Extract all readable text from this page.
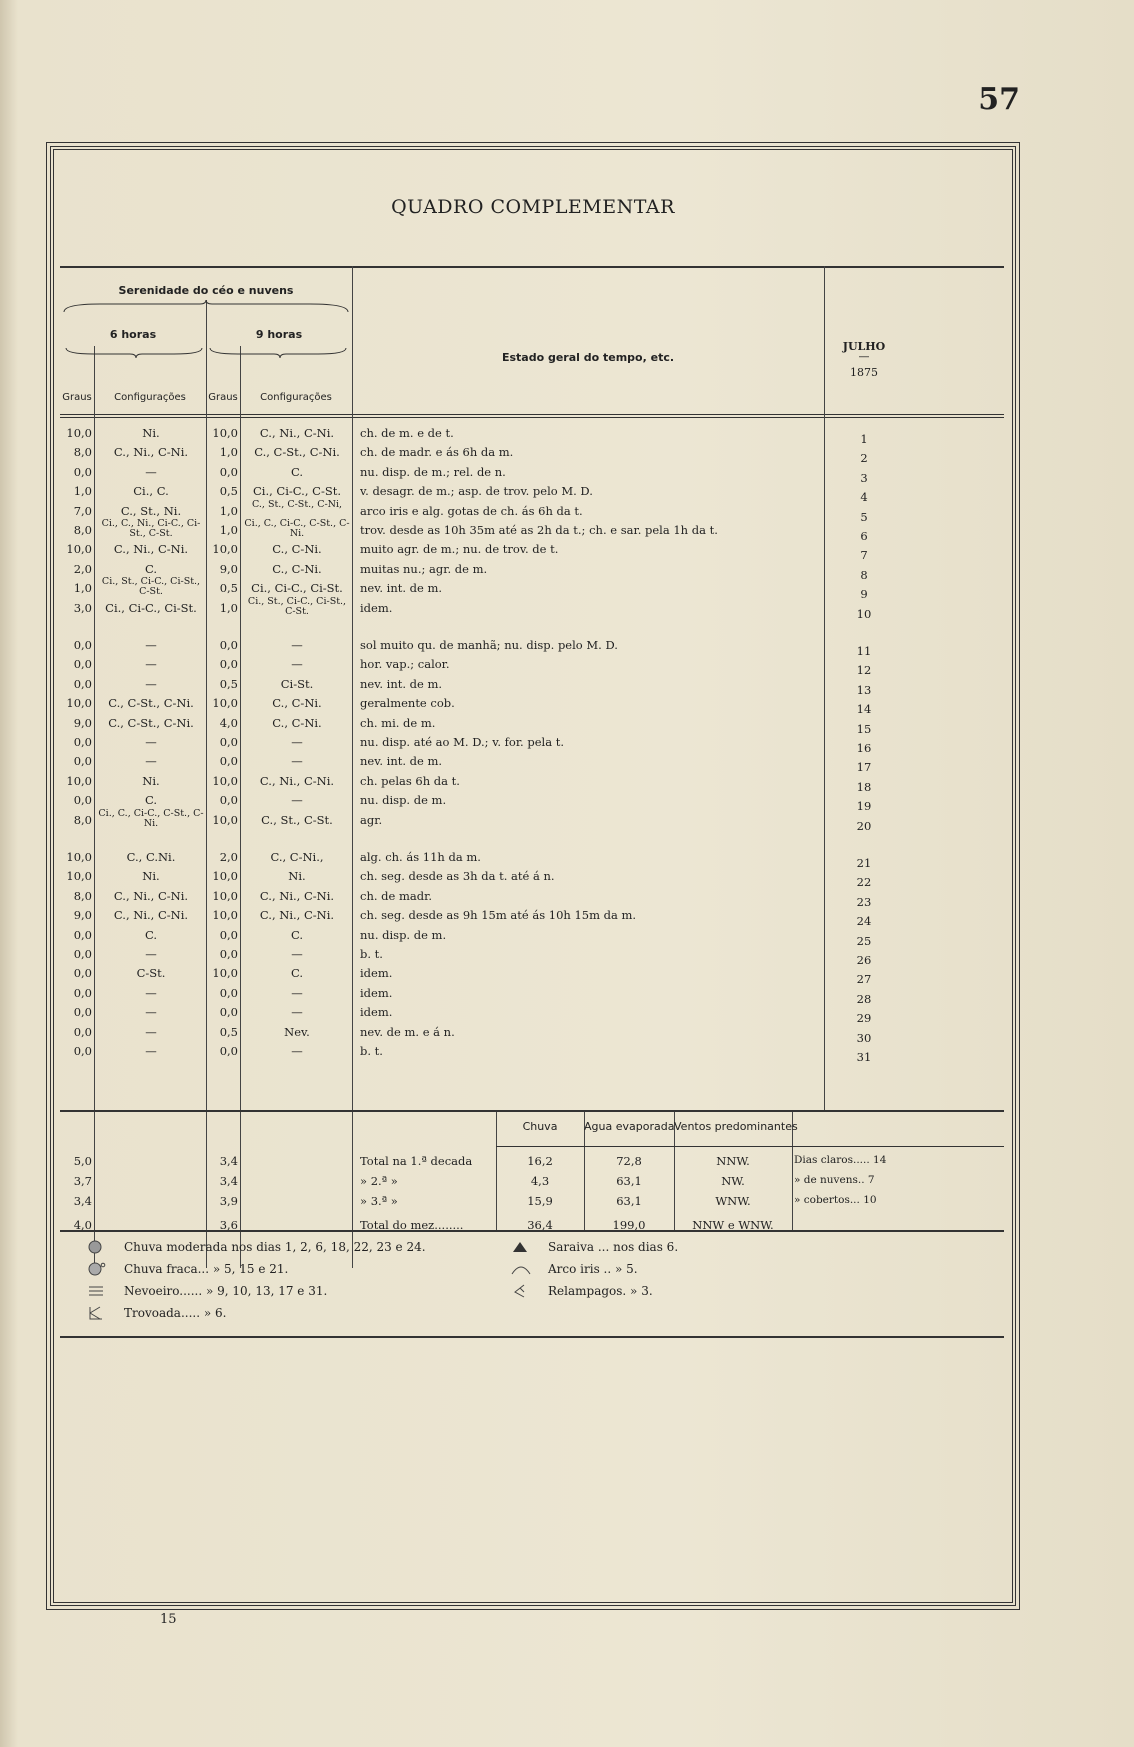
57
QUADRO COMPLEMENTAR
Serenidade do céo e nuvens
6 horas	9 horas
Graus	Configurações	Graus	Configurações
Estado geral do tempo, etc.
JULHO
—
1875
10,0	Ni.	10,0	C., Ni., C-Ni.	ch. de m. e de t.	1
8,0	C., Ni., C-Ni.	1,0	C., C-St., C-Ni.	ch. de madr. e ás 6h da m.	2
0,0	—	0,0	C.	nu. disp. de m.; rel. de n.	3
1,0	Ci., C.	0,5	Ci., Ci-C., C-St.	v. desagr. de m.; asp. de trov. pelo M. D.	4
7,0	C., St., Ni.	1,0	C., St., C-St., C-Ni,	arco iris e alg. gotas de ch. ás 6h da t.	5
8,0	Ci., C., Ni., Ci-C., Ci-St., C-St.	1,0 Ci., C., Ci-C., C-St., C-Ni.	trov. desde as 10h 35m até as 2h da t.; ch. e sar. pela 1h da t.	6
10,0	C., Ni., C-Ni.	10,0	C., C-Ni.	muito agr. de m.; nu. de trov. de t.	7
2,0	C.	9,0	C., C-Ni.	muitas nu.; agr. de m.	8
1,0	Ci., St., Ci-C., Ci-St., C-St.	0,5	Ci., Ci-C., Ci-St.	nev. int. de m.	9
3,0	Ci., Ci-C., Ci-St.	1,0	Ci., St., Ci-C., Ci-St., C-St.	idem.	10
0,0	—	0,0	—	sol muito qu. de manhã; nu. disp. pelo M. D.	11
0,0	—	0,0	—	hor. vap.; calor.	12
0,0	—	0,5	Ci-St.	nev. int. de m.	13
10,0	C., C-St., C-Ni.	10,0	C., C-Ni.	geralmente cob.	14
9,0	C., C-St., C-Ni.	4,0	C., C-Ni.	ch. mi. de m.	15
0,0	—	0,0	—	nu. disp. até ao M. D.; v. for. pela t.	16
0,0	—	0,0	—	nev. int. de m.	17
10,0	Ni.	10,0	C., Ni., C-Ni.	ch. pelas 6h da t.	18
0,0	C.	0,0	—	nu. disp. de m.	19
8,0 Ci., C., Ci-C., C-St., C-Ni.	10,0	C., St., C-St.	agr.	20
10,0	C., C.Ni.	2,0	C., C-Ni.,	alg. ch. ás 11h da m.	21
10,0	Ni.	10,0	Ni.	ch. seg. desde as 3h da t. até á n.	22
8,0	C., Ni., C-Ni.	10,0	C., Ni., C-Ni.	ch. de madr.	23
9,0	C., Ni., C-Ni.	10,0	C., Ni., C-Ni.	ch. seg. desde as 9h 15m até ás 10h 15m da m.	24
0,0	C.	0,0	C.	nu. disp. de m.	25
0,0	—	0,0	—	b. t.	26
0,0	C-St.	10,0	C.	idem.	27
0,0	—	0,0	—	idem.	28
0,0	—	0,0	—	idem.	29
0,0	—	0,5	Nev.	nev. de m. e á n.	30
0,0	—	0,0	—	b. t.	31
Chuva	Agua evaporada Ventos predominantes
5,0	3,4	Total na 1.ª decada	16,2	72,8	NNW.	Dias claros..... 14
3,7	3,4	» 2.ª »	4,3	63,1	NW.	» de nuvens.. 7
3,4	3,9	» 3.ª »	15,9	63,1	WNW.	» cobertos... 10
4,0	3,6	Total do mez........	36,4	199,0	NNW e WNW.
Chuva moderada nos dias 1, 2, 6, 18, 22, 23 e 24.
Chuva fraca... » 5, 15 e 21.
Nevoeiro...... » 9, 10, 13, 17 e 31.
Trovoada..... » 6.
Saraiva ... nos dias 6.
Arco iris .. » 5.
Relampagos. » 3.
15
